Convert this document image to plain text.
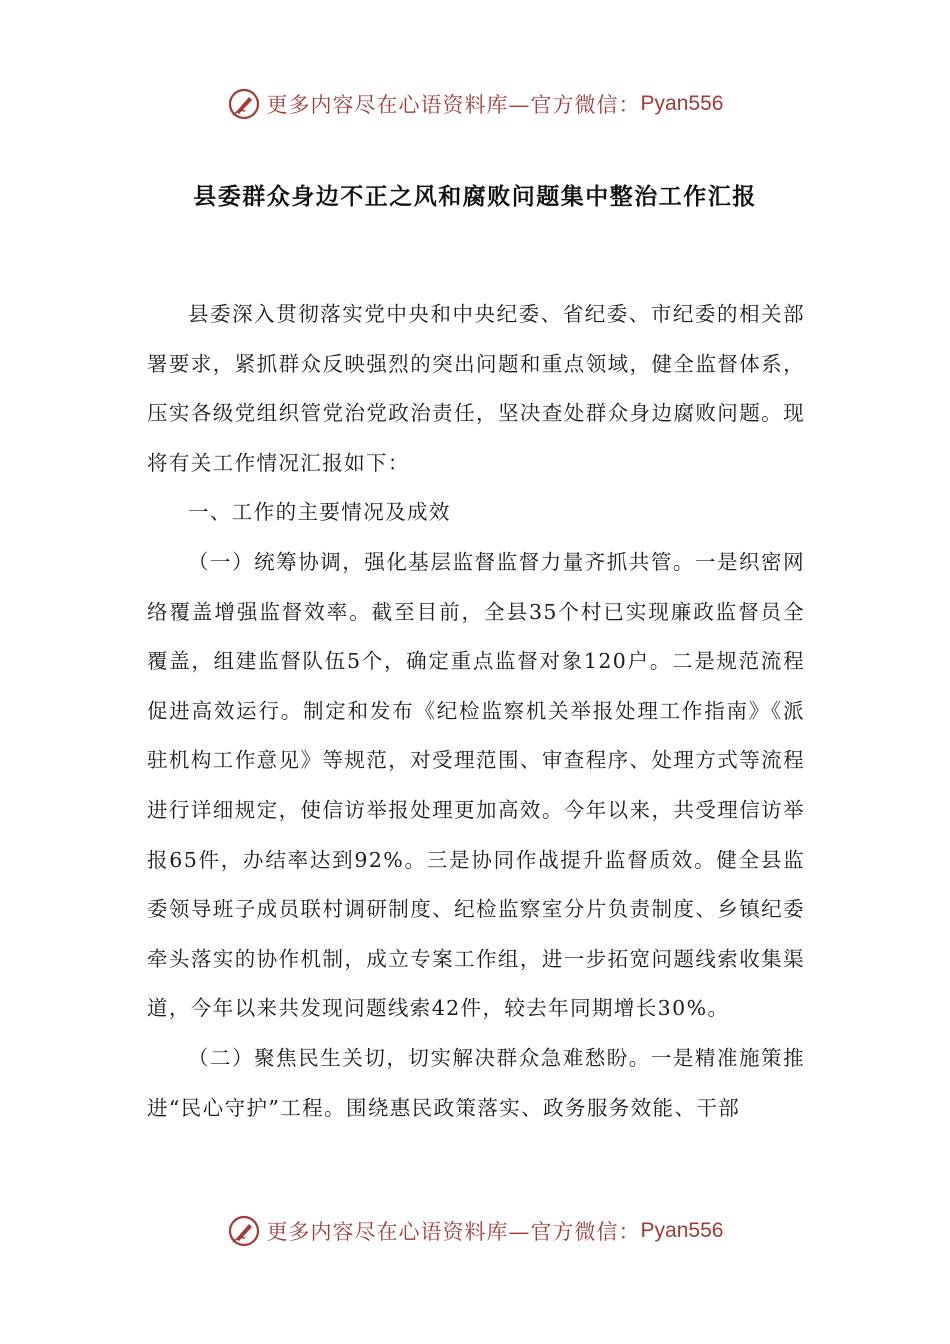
更多内容尽在心语资料库—官方微信： Pyan556
县委群众身边不正之风和腐败问题集中整治工作汇报

县委深入贯彻落实党中央和中央纪委、省纪委、市纪委的相关部署要求，紧抓群众反映强烈的突出问题和重点领域，健全监督体系，压实各级党组织管党治党政治责任，坚决查处群众身边腐败问题。现将有关工作情况汇报如下：

一、工作的主要情况及成效

（一）统筹协调，强化基层监督监督力量齐抓共管。一是织密网络覆盖增强监督效率。截至目前，全县35个村已实现廉政监督员全覆盖，组建监督队伍5个，确定重点监督对象120户。二是规范流程促进高效运行。制定和发布《纪检监察机关举报处理工作指南》《派驻机构工作意见》等规范，对受理范围、审查程序、处理方式等流程进行详细规定，使信访举报处理更加高效。今年以来，共受理信访举报65件，办结率达到92%。三是协同作战提升监督质效。健全县监委领导班子成员联村调研制度、纪检监察室分片负责制度、乡镇纪委牵头落实的协作机制，成立专案工作组，进一步拓宽问题线索收集渠道，今年以来共发现问题线索42件，较去年同期增长30%。

（二）聚焦民生关切，切实解决群众急难愁盼。一是精准施策推进“民心守护”工程。围绕惠民政策落实、政务服务效能、干部

更多内容尽在心语资料库—官方微信： Pyan556
